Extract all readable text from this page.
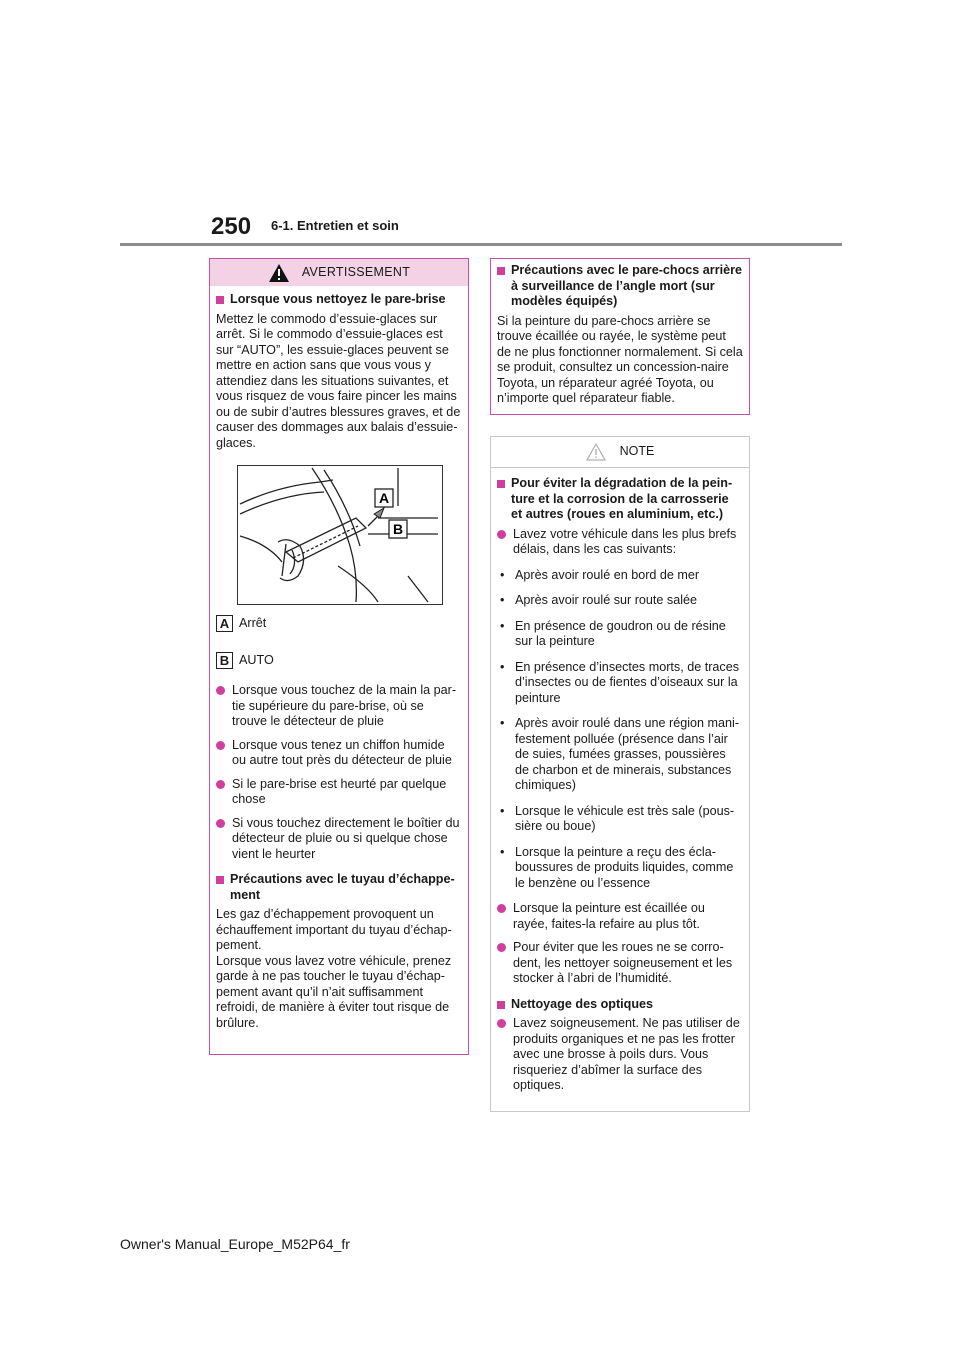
250 6-1. Entretien et soin
AVERTISSEMENT
Lorsque vous nettoyez le pare-brise
Mettez le commodo d’essuie-glaces sur arrêt. Si le commodo d’essuie-glaces est sur “AUTO”, les essuie-glaces peuvent se mettre en action sans que vous vous y attendiez dans les situations suivantes, et vous risquez de vous faire pincer les mains ou de subir d’autres blessures graves, et de causer des dommages aux balais d’essuie-glaces.
A
B
A Arrêt
B AUTO
Lorsque vous touchez de la main la par-tie supérieure du pare-brise, où se trouve le détecteur de pluie
Lorsque vous tenez un chiffon humide ou autre tout près du détecteur de pluie
Si le pare-brise est heurté par quelque chose
Si vous touchez directement le boîtier du détecteur de pluie ou si quelque chose vient le heurter
Précautions avec le tuyau d’échappe-ment
Les gaz d’échappement provoquent un échauffement important du tuyau d’échap-pement.
Lorsque vous lavez votre véhicule, prenez garde à ne pas toucher le tuyau d’échap-pement avant qu’il n’ait suffisamment refroidi, de manière à éviter tout risque de brûlure.
Précautions avec le pare-chocs arrière à surveillance de l’angle mort (sur modèles équipés)
Si la peinture du pare-chocs arrière se trouve écaillée ou rayée, le système peut de ne plus fonctionner normalement. Si cela se produit, consultez un concession-naire Toyota, un réparateur agréé Toyota, ou n’importe quel réparateur fiable.
NOTE
Pour éviter la dégradation de la pein-ture et la corrosion de la carrosserie et autres (roues en aluminium, etc.)
Lavez votre véhicule dans les plus brefs délais, dans les cas suivants:
• Après avoir roulé en bord de mer
• Après avoir roulé sur route salée
• En présence de goudron ou de résine sur la peinture
• En présence d’insectes morts, de traces d’insectes ou de fientes d’oiseaux sur la peinture
• Après avoir roulé dans une région mani-festement polluée (présence dans l’air de suies, fumées grasses, poussières de charbon et de minerais, substances chimiques)
• Lorsque le véhicule est très sale (pous-sière ou boue)
• Lorsque la peinture a reçu des écla-boussures de produits liquides, comme le benzène ou l’essence
Lorsque la peinture est écaillée ou rayée, faites-la refaire au plus tôt.
Pour éviter que les roues ne se corro-dent, les nettoyer soigneusement et les stocker à l’abri de l’humidité.
Nettoyage des optiques
Lavez soigneusement. Ne pas utiliser de produits organiques et ne pas les frotter avec une brosse à poils durs. Vous risqueriez d’abîmer la surface des optiques.
Owner's Manual_Europe_M52P64_fr
